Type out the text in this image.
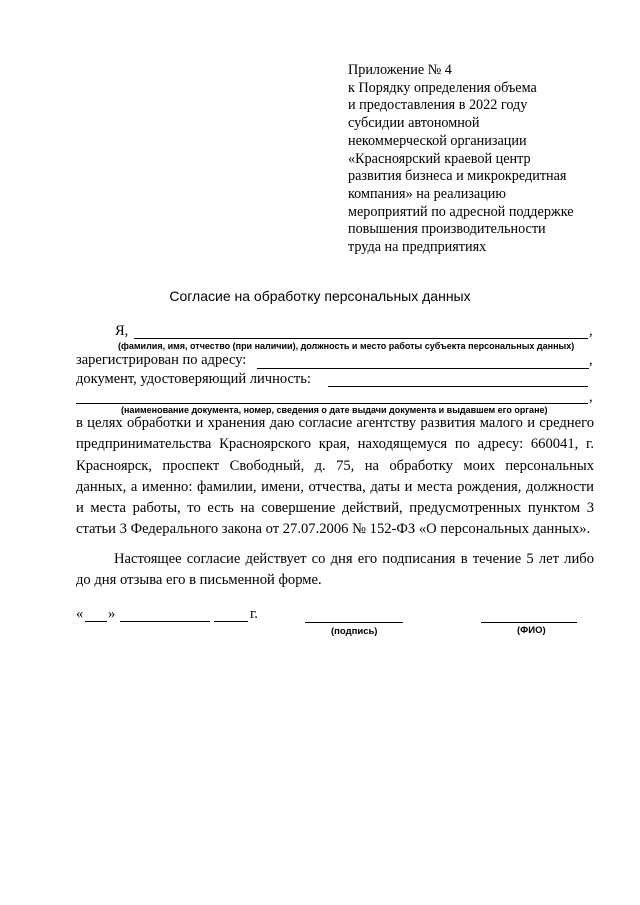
Приложение № 4
к Порядку определения объема
и предоставления в 2022 году
субсидии автономной
некоммерческой организации
«Красноярский краевой центр
развития бизнеса и микрокредитная
компания» на реализацию
мероприятий по адресной поддержке
повышения производительности
труда на предприятиях
Согласие на обработку персональных данных
Я,	,
(фамилия, имя, отчество (при наличии), должность и место работы субъекта персональных данных)
зарегистрирован по адресу:	,
документ, удостоверяющий личность:
,
(наименование документа, номер, сведения о дате выдачи документа и выдавшем его органе)

в целях обработки и хранения даю согласие агентству развития малого и среднего предпринимательства Красноярского края, находящемуся по адресу: 660041, г. Красноярск, проспект Свободный, д. 75, на обработку моих персональных данных, а именно: фамилии, имени, отчества, даты и места рождения, должности и места работы, то есть на совершение действий, предусмотренных пунктом 3 статьи 3 Федерального закона от 27.07.2006 № 152-ФЗ «О персональных данных».

Настоящее согласие действует со дня его подписания в течение 5 лет либо до дня отзыва его в письменной форме.

« »	г.
(подпись)	(ФИО)
